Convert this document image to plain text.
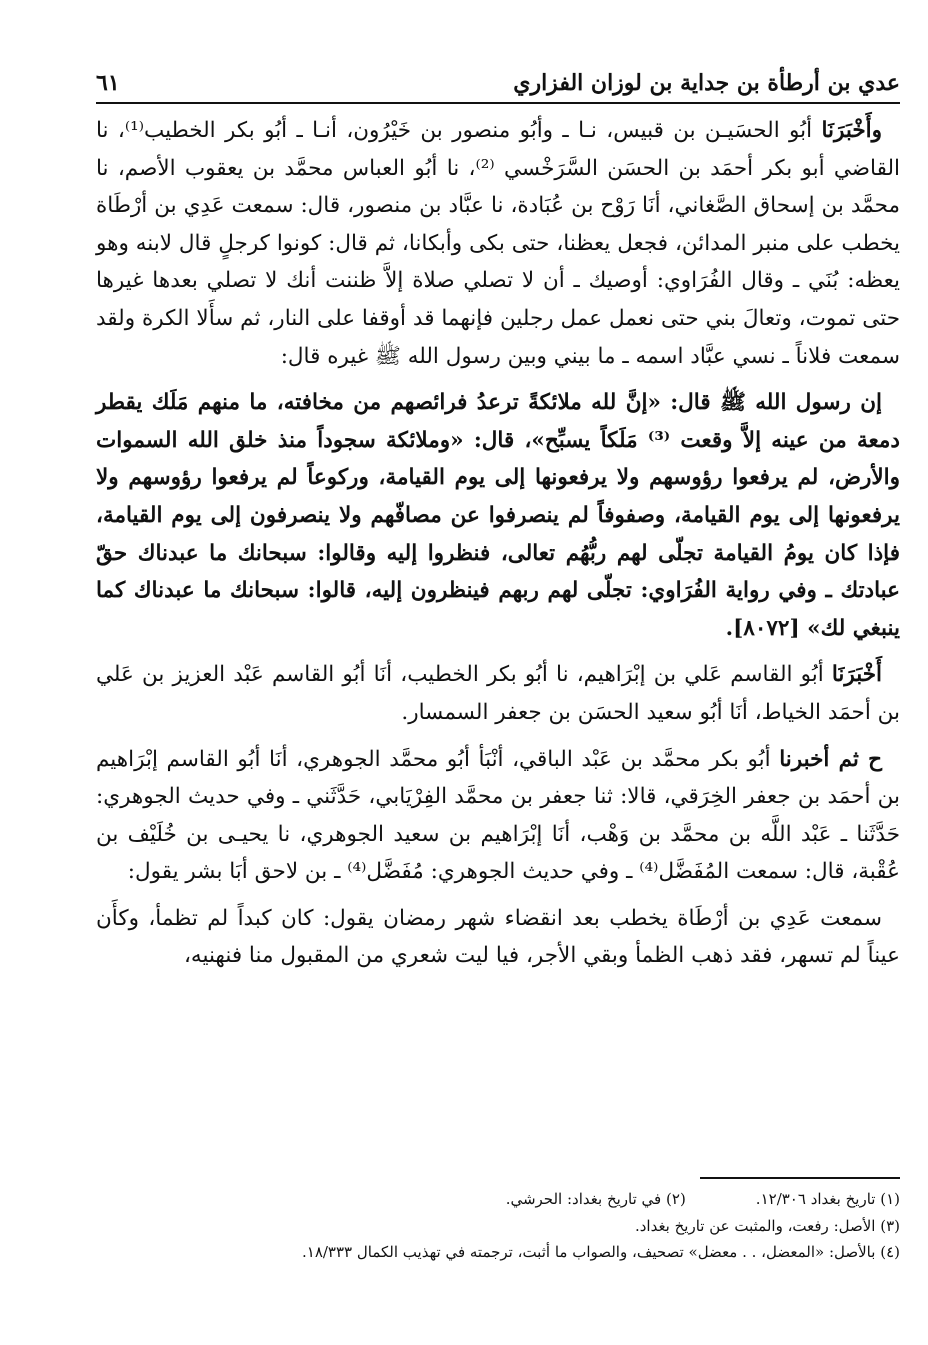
عدي بن أرطأة بن جداية بن لوزان الفزاري
٦١

وأَخْبَرَنَا أبُو الحسَيـن بن قبيس، نـا ـ وأبُو منصور بن خَيْرُون، أنـا ـ أبُو بكر الخطيب⁽¹⁾، نا القاضي أبو بكر أحمَد بن الحسَن السَّرَخْسي ⁽²⁾، نا أبُو العباس محمَّد بن يعقوب الأصم، نا محمَّد بن إسحاق الصَّغاني، أنَا رَوْح بن عُبَادة، نا عبَّاد بن منصور، قال: سمعت عَدِي بن أرْطَاة يخطب على منبر المدائن، فجعل يعظنا، حتى بكى وأبكانا، ثم قال: كونوا كرجلٍ قال لابنه وهو يعظه: بُنَي ـ وقال الفُرَاوي: أوصيك ـ أن لا تصلي صلاة إلاَّ ظننت أنك لا تصلي بعدها غيرها حتى تموت، وتعالَ بني حتى نعمل عمل رجلين فإنهما قد أوقفا على النار، ثم سأَلا الكرة ولقد سمعت فلاناً ـ نسي عبَّاد اسمه ـ ما بيني وبين رسول الله ﷺ غيره قال:

إن رسول الله ﷺ قال: «إنَّ لله ملائكةً ترعدُ فرائصهم من مخافته، ما منهم مَلَك يقطر دمعة من عينه إلاَّ وقعت ⁽³⁾ مَلَكاً يسبِّح»، قال: «وملائكة سجوداً منذ خلق الله السموات والأرض، لم يرفعوا رؤوسهم ولا يرفعونها إلى يوم القيامة، وركوعاً لم يرفعوا رؤوسهم ولا يرفعونها إلى يوم القيامة، وصفوفاً لم ينصرفوا عن مصافّهم ولا ينصرفون إلى يوم القيامة، فإذا كان يومُ القيامة تجلّى لهم ربُّهُم تعالى، فنظروا إليه وقالوا: سبحانك ما عبدناك حقّ عبادتك ـ وفي رواية الفُرَاوي: تجلّى لهم ربهم فينظرون إليه، قالوا: سبحانك ما عبدناك كما ينبغي لك» [٨٠٧٢].

أَخْبَرَنَا أبُو القاسم عَلي بن إبْرَاهيم، نا أبُو بكر الخطيب، أنَا أبُو القاسم عَبْد العزيز بن عَلي بن أحمَد الخياط، أنَا أبُو سعيد الحسَن بن جعفر السمسار.

ح ثم أخبرنا أبُو بكر محمَّد بن عَبْد الباقي، أنْبَأ أبُو محمَّد الجوهري، أنَا أبُو القاسم إبْرَاهيم بن أحمَد بن جعفر الخِرَقي، قالا: ثنا جعفر بن محمَّد الفِرْيَابي، حَدَّثَني ـ وفي حديث الجوهري: حَدَّثَنا ـ عَبْد اللَّه بن محمَّد بن وَهْب، أنَا إبْرَاهيم بن سعيد الجوهري، نا يحيـى بن خُلَيْف بن عُقْبة، قال: سمعت المُفَضَّل⁽⁴⁾ ـ وفي حديث الجوهري: مُفَضَّل⁽⁴⁾ ـ بن لاحق أبَا بشر يقول:

سمعت عَدِي بن أرْطَاة يخطب بعد انقضاء شهر رمضان يقول: كان كبداً لم تظمأ، وكأَن عيناً لم تسهر، فقد ذهب الظمأ وبقي الأجر، فيا ليت شعري من المقبول منا فنهنيه،

(١) تاريخ بغداد ١٢/٣٠٦.
(٢) في تاريخ بغداد: الحرشي.
(٣) الأصل: رفعت، والمثبت عن تاريخ بغداد.
(٤) بالأصل: «المعضل، . . معضل» تصحيف، والصواب ما أثبت، ترجمته في تهذيب الكمال ١٨/٣٣٣.
